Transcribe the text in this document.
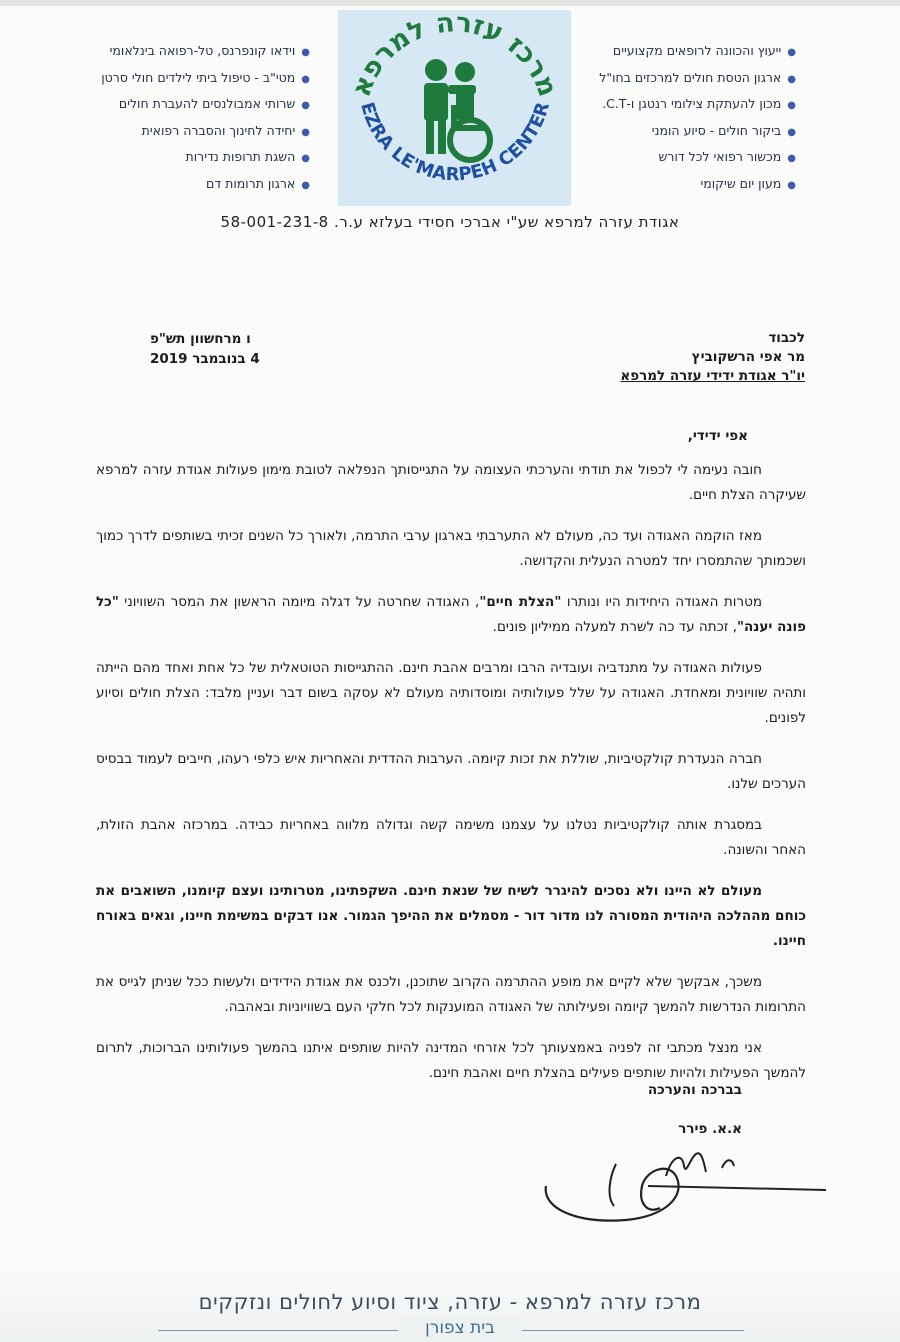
●ייעוץ והכוונה לרופאים מקצועיים
●ארגון הטסת חולים למרכזים בחו"ל
●מכון להעתקת צילומי רנטגן ו-C.T.
●ביקור חולים - סיוע הומני
●מכשור רפואי לכל דורש
●מעון יום שיקומי
מרכז עזרה למרפא
EZRA LE'MARPEH CENTER
●וידאו קונפרנס, טל-רפואה בינלאומי
●מטי"ב - טיפול ביתי לילדים חולי סרטן
●שרותי אמבולנסים להעברת חולים
●יחידה לחינוך והסברה רפואית
●השגת תרופות נדירות
●ארגון תרומות דם
אגודת עזרה למרפא שע"י אברכי חסידי בעלזא ע.ר. 58-001-231-8
ו מרחשוון תש"פ
4 בנובמבר 2019
לכבוד
מר אפי הרשקוביץ
יו"ר אגודת ידידי עזרה למרפא
אפי ידידי,

חובה נעימה לי לכפול את תודתי והערכתי העצומה על התגייסותך הנפלאה לטובת מימון פעולות אגודת עזרה למרפא שעיקרה הצלת חיים.

מאז הוקמה האגודה ועד כה, מעולם לא התערבתי בארגון ערבי התרמה, ולאורך כל השנים זכיתי בשותפים לדרך כמוך ושכמותך שהתמסרו יחד למטרה הנעלית והקדושה.

מטרות האגודה היחידות היו ונותרו "הצלת חיים", האגודה שחרטה על דגלה מיומה הראשון את המסר השוויוני "כל פונה יענה", זכתה עד כה לשרת למעלה ממיליון פונים.

פעולות האגודה על מתנדביה ועובדיה הרבו ומרבים אהבת חינם. ההתגייסות הטוטאלית של כל אחת ואחד מהם הייתה ותהיה שוויונית ומאחדת. האגודה על שלל פעולותיה ומוסדותיה מעולם לא עסקה בשום דבר ועניין מלבד: הצלת חולים וסיוע לפונים.

חברה הנעדרת קולקטיביות, שוללת את זכות קיומה. הערבות ההדדית והאחריות איש כלפי רעהו, חייבים לעמוד בבסיס הערכים שלנו.

במסגרת אותה קולקטיביות נטלנו על עצמנו משימה קשה וגדולה מלווה באחריות כבידה. במרכזה אהבת הזולת, האחר והשונה.

מעולם לא היינו ולא נסכים להיגרר לשיח של שנאת חינם. השקפתינו, מטרותינו ועצם קיומנו, השואבים את כוחם מההלכה היהודית המסורה לנו מדור דור - מסמלים את ההיפך הגמור. אנו דבקים במשימת חיינו, וגאים באורח חיינו.

משכך, אבקשך שלא לקיים את מופע ההתרמה הקרוב שתוכנן, ולכנס את אגודת הידידים ולעשות ככל שניתן לגייס את התרומות הנדרשות להמשך קיומה ופעילותה של האגודה המוענקות לכל חלקי העם בשוויוניות ובאהבה.

אני מנצל מכתבי זה לפניה באמצעותך לכל אזרחי המדינה להיות שותפים איתנו בהמשך פעולותינו הברוכות, לתרום להמשך הפעילות ולהיות שותפים פעילים בהצלת חיים ואהבת חינם.

בברכה והערכה
א.א. פירר
מרכז עזרה למרפא - עזרה, ציוד וסיוע לחולים ונזקקים
בית צפורן
